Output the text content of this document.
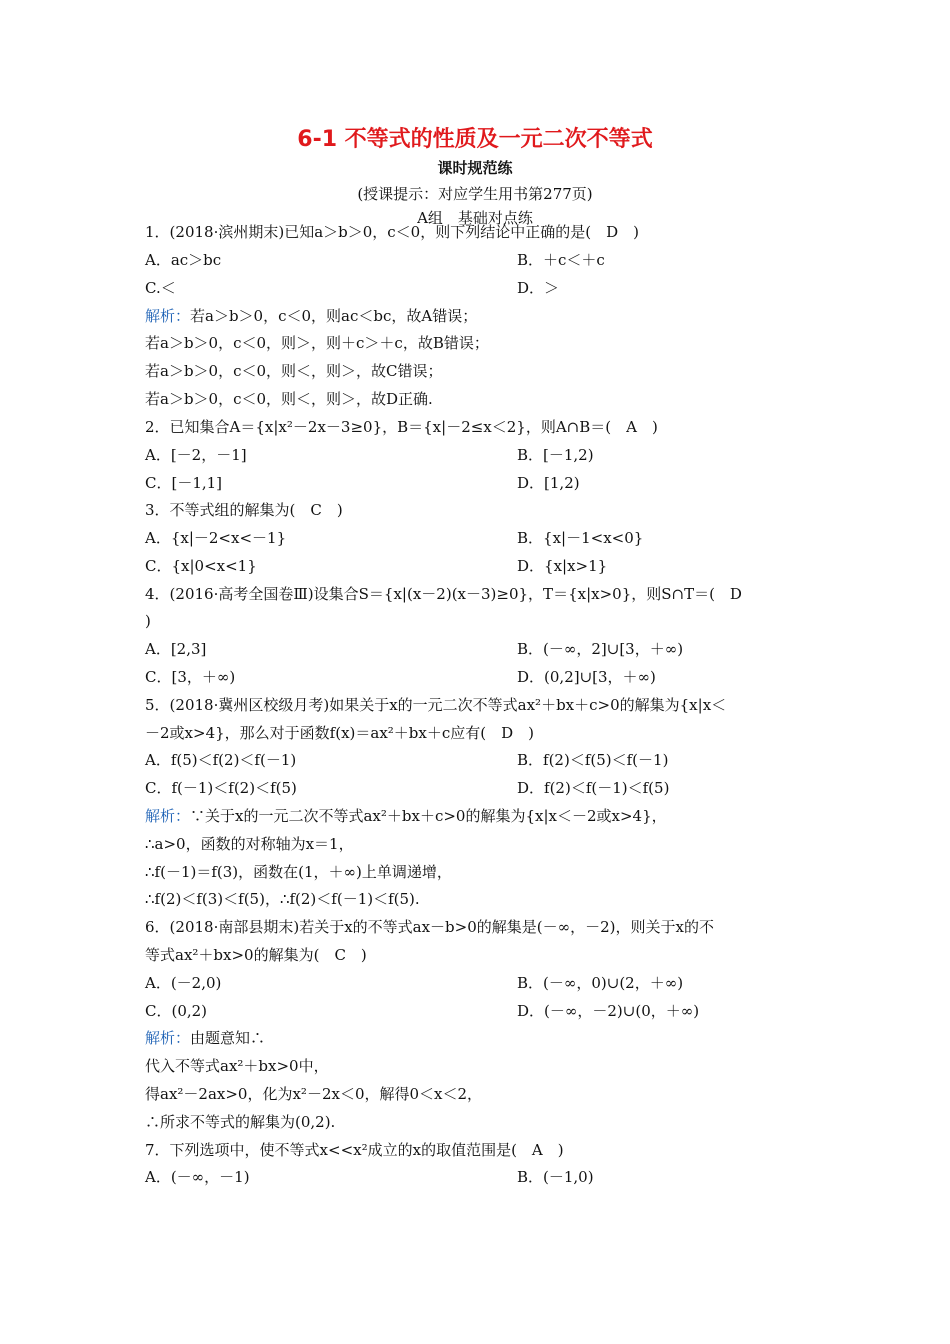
6-1 不等式的性质及一元二次不等式
课时规范练
(授课提示：对应学生用书第277页)
A组　基础对点练
1．(2018·滨州期末)已知a＞b＞0，c＜0，则下列结论中正确的是(　D　)
A．ac＞bc	B．＋c＜＋c
C.＜	D．＞
解析：若a＞b＞0，c＜0，则ac＜bc，故A错误；
若a＞b＞0，c＜0，则＞，则＋c＞＋c，故B错误；
若a＞b＞0，c＜0，则＜，则＞，故C错误；
若a＞b＞0，c＜0，则＜，则＞，故D正确.
2．已知集合A＝{x|x²－2x－3≥0}，B＝{x|－2≤x＜2}，则A∩B＝(　A　)
A．[－2，－1]	B．[－1,2)
C．[－1,1]	D．[1,2)
3．不等式组的解集为(　C　)
A．{x|－2<x<－1}	B．{x|－1<x<0}
C．{x|0<x<1}	D．{x|x>1}
4．(2016·高考全国卷Ⅲ)设集合S＝{x|(x－2)(x－3)≥0}，T＝{x|x>0}，则S∩T＝(　D
)
A．[2,3]	B．(－∞，2]∪[3，＋∞)
C．[3，＋∞)	D．(0,2]∪[3，＋∞)
5．(2018·冀州区校级月考)如果关于x的一元二次不等式ax²＋bx＋c>0的解集为{x|x＜
－2或x>4}，那么对于函数f(x)＝ax²＋bx＋c应有(　D　)
A．f(5)＜f(2)＜f(－1)	B．f(2)＜f(5)＜f(－1)
C．f(－1)＜f(2)＜f(5)	D．f(2)＜f(－1)＜f(5)
解析：∵关于x的一元二次不等式ax²＋bx＋c>0的解集为{x|x＜－2或x>4}，
∴a>0，函数的对称轴为x＝1，
∴f(－1)＝f(3)，函数在(1，＋∞)上单调递增，
∴f(2)＜f(3)＜f(5)，∴f(2)＜f(－1)＜f(5).
6．(2018·南部县期末)若关于x的不等式ax－b>0的解集是(－∞，－2)，则关于x的不
等式ax²＋bx>0的解集为(　C　)
A．(－2,0)	B．(－∞，0)∪(2，＋∞)
C．(0,2)	D．(－∞，－2)∪(0，＋∞)
解析：由题意知∴
代入不等式ax²＋bx>0中，
得ax²－2ax>0，化为x²－2x＜0，解得0＜x＜2，
∴所求不等式的解集为(0,2).
7．下列选项中，使不等式x<<x²成立的x的取值范围是(　A　)
A．(－∞，－1)	B．(－1,0)
